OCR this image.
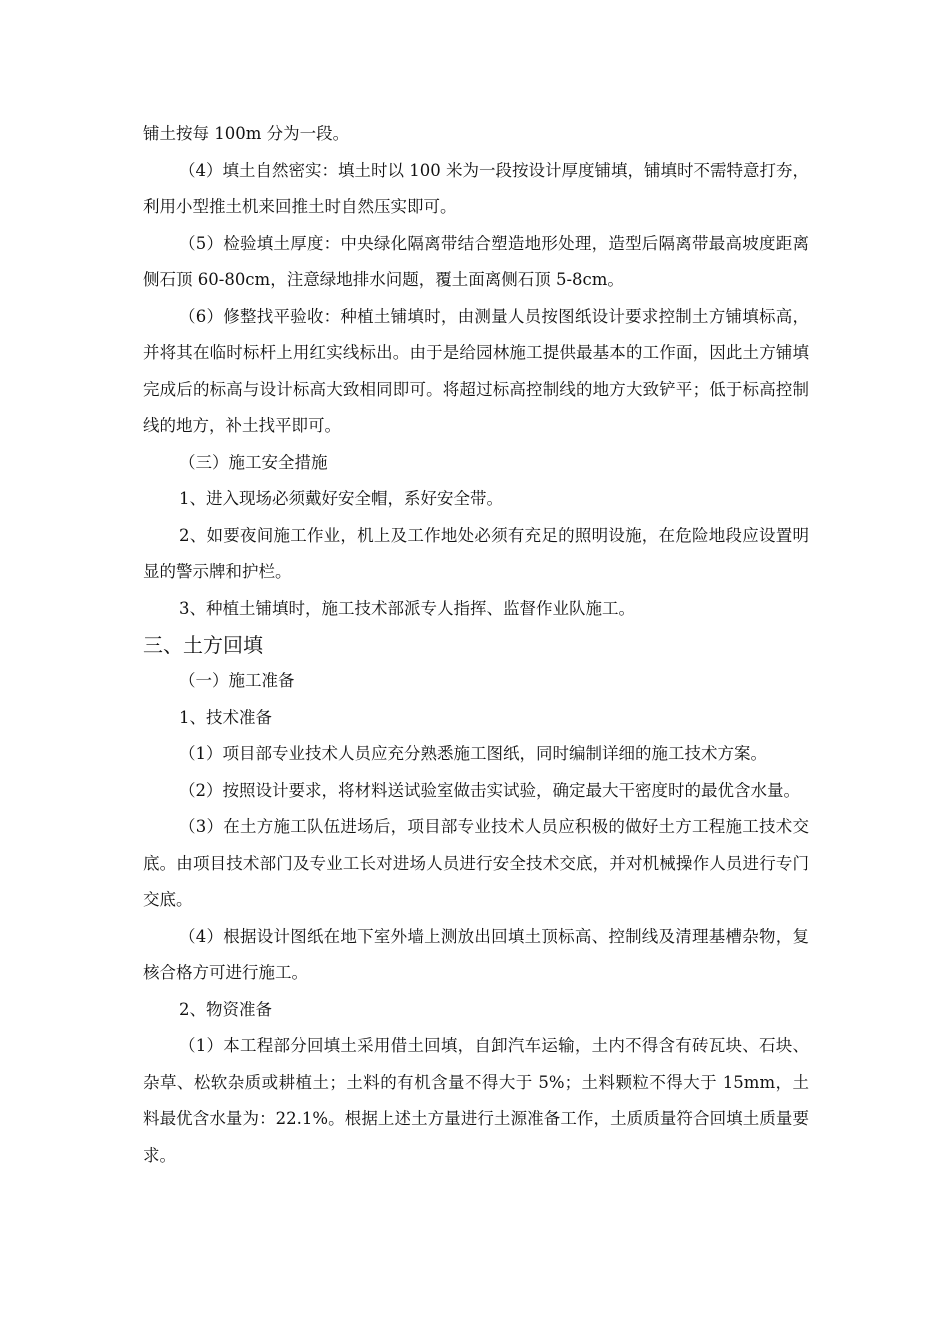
铺土按每 100m 分为一段。

（4）填土自然密实：填土时以 100 米为一段按设计厚度铺填，铺填时不需特意打夯，利用小型推土机来回推土时自然压实即可。

（5）检验填土厚度：中央绿化隔离带结合塑造地形处理，造型后隔离带最高坡度距离侧石顶 60-80cm，注意绿地排水问题，覆土面离侧石顶 5-8cm。

（6）修整找平验收：种植土铺填时，由测量人员按图纸设计要求控制土方铺填标高，并将其在临时标杆上用红实线标出。由于是给园林施工提供最基本的工作面，因此土方铺填完成后的标高与设计标高大致相同即可。将超过标高控制线的地方大致铲平；低于标高控制线的地方，补土找平即可。

（三）施工安全措施

1、进入现场必须戴好安全帽，系好安全带。

2、如要夜间施工作业，机上及工作地处必须有充足的照明设施，在危险地段应设置明显的警示牌和护栏。

3、种植土铺填时，施工技术部派专人指挥、监督作业队施工。

三、土方回填

（一）施工准备

1、技术准备

（1）项目部专业技术人员应充分熟悉施工图纸，同时编制详细的施工技术方案。

（2）按照设计要求，将材料送试验室做击实试验，确定最大干密度时的最优含水量。

（3）在土方施工队伍进场后，项目部专业技术人员应积极的做好土方工程施工技术交底。由项目技术部门及专业工长对进场人员进行安全技术交底，并对机械操作人员进行专门交底。

（4）根据设计图纸在地下室外墙上测放出回填土顶标高、控制线及清理基槽杂物，复核合格方可进行施工。

2、物资准备

（1）本工程部分回填土采用借土回填，自卸汽车运输，土内不得含有砖瓦块、石块、杂草、松软杂质或耕植土；土料的有机含量不得大于 5%；土料颗粒不得大于 15mm，土料最优含水量为：22.1%。根据上述土方量进行土源准备工作，土质质量符合回填土质量要求。
